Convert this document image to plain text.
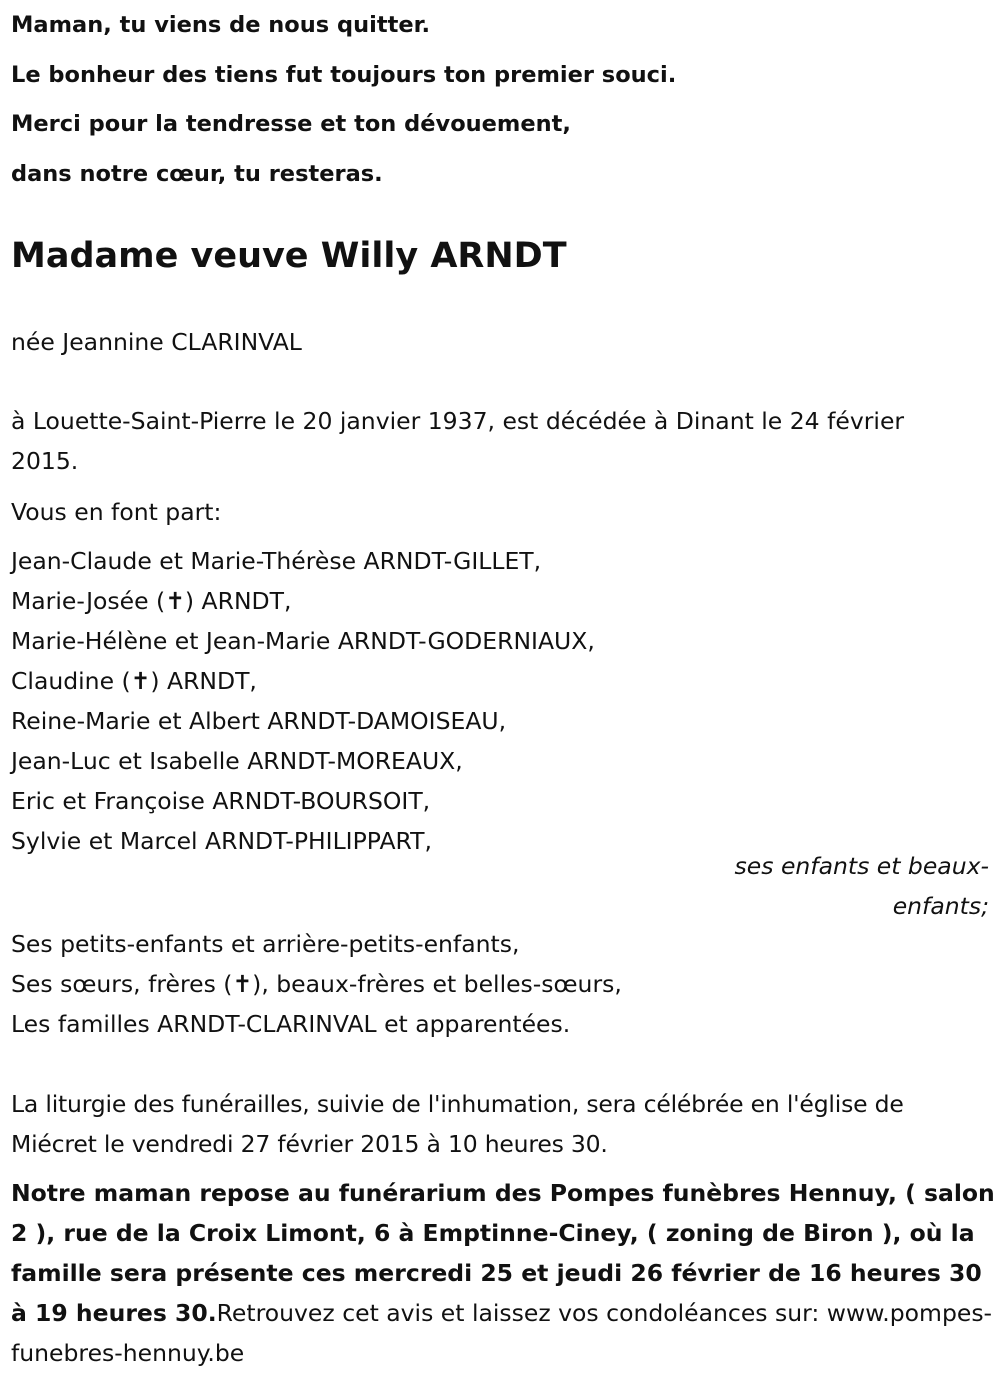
Maman, tu viens de nous quitter.

Le bonheur des tiens fut toujours ton premier souci.

Merci pour la tendresse et ton dévouement,

dans notre cœur, tu resteras.

Madame veuve Willy ARNDT

née Jeannine CLARINVAL

à Louette-Saint-Pierre le 20 janvier 1937, est décédée à Dinant le 24 février 2015.

Vous en font part:

Jean-Claude et Marie-Thérèse ARNDT-GILLET,
Marie-Josée (✝) ARNDT,
Marie-Hélène et Jean-Marie ARNDT-GODERNIAUX,
Claudine (✝) ARNDT,
Reine-Marie et Albert ARNDT-DAMOISEAU,
Jean-Luc et Isabelle ARNDT-MOREAUX,
Eric et Françoise ARNDT-BOURSOIT,
Sylvie et Marcel ARNDT-PHILIPPART,

ses enfants et beaux-enfants;

Ses petits-enfants et arrière-petits-enfants,
Ses sœurs, frères (✝), beaux-frères et belles-sœurs,
Les familles ARNDT-CLARINVAL et apparentées.

La liturgie des funérailles, suivie de l'inhumation, sera célébrée en l'église de Miécret le vendredi 27 février 2015 à 10 heures 30.

Notre maman repose au funérarium des Pompes funèbres Hennuy, ( salon 2 ), rue de la Croix Limont, 6 à Emptinne-Ciney, ( zoning de Biron ), où la famille sera présente ces mercredi 25 et jeudi 26 février de 16 heures 30 à 19 heures 30.Retrouvez cet avis et laissez vos condoléances sur: www.pompes-funebres-hennuy.be
